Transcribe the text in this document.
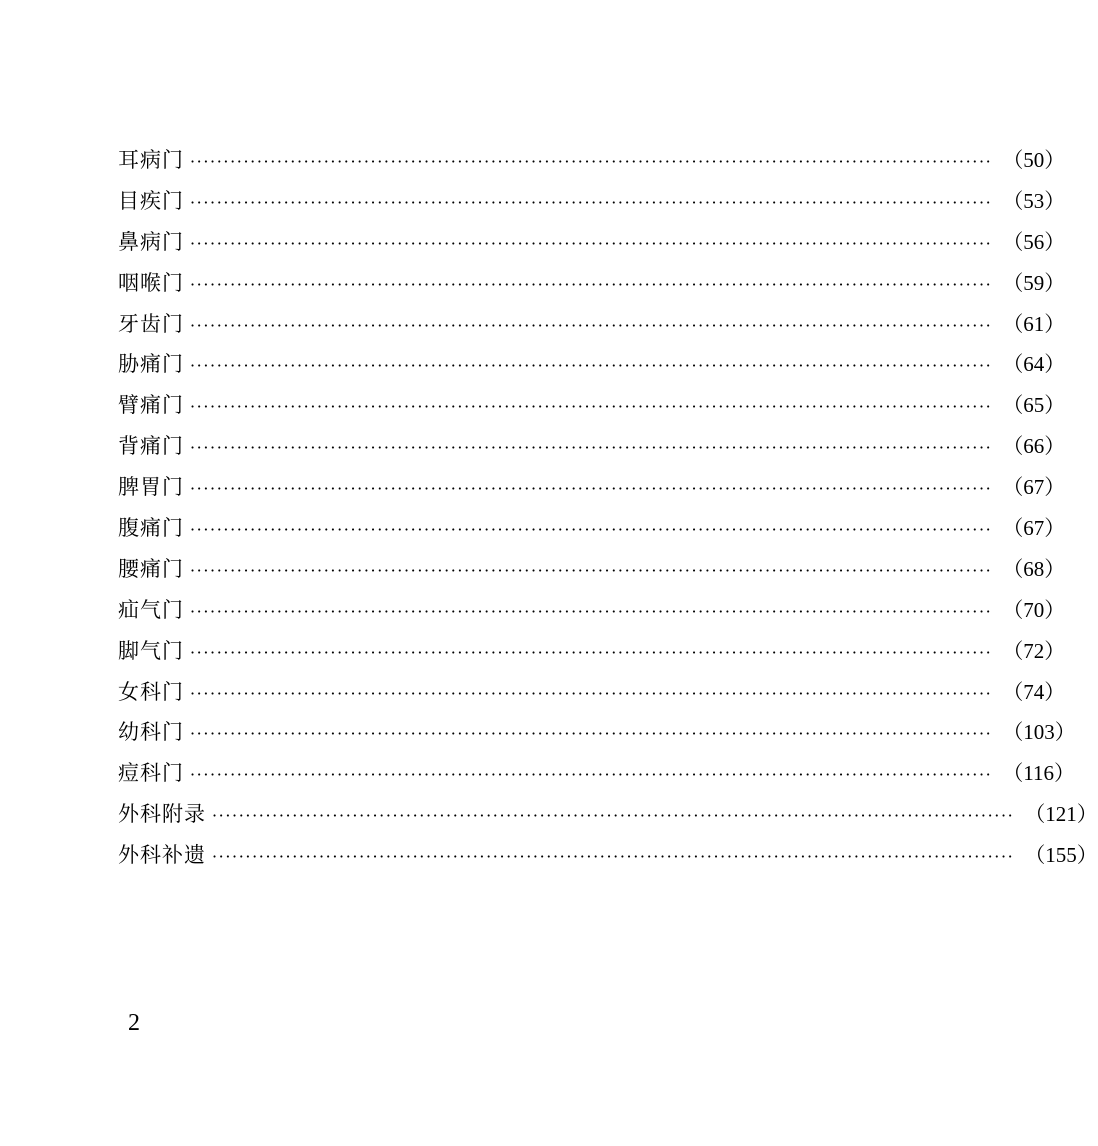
耳病门 ························································································································ （50）
目疾门 ························································································································ （53）
鼻病门 ························································································································ （56）
咽喉门 ························································································································ （59）
牙齿门 ························································································································ （61）
胁痛门 ························································································································ （64）
臂痛门 ························································································································ （65）
背痛门 ························································································································ （66）
脾胃门 ························································································································ （67）
腹痛门 ························································································································ （67）
腰痛门 ························································································································ （68）
疝气门 ························································································································ （70）
脚气门 ························································································································ （72）
女科门 ························································································································ （74）
幼科门 ························································································································ （103）
痘科门 ························································································································ （116）
外科附录 ························································································································ （121）
外科补遗 ························································································································ （155）

2
